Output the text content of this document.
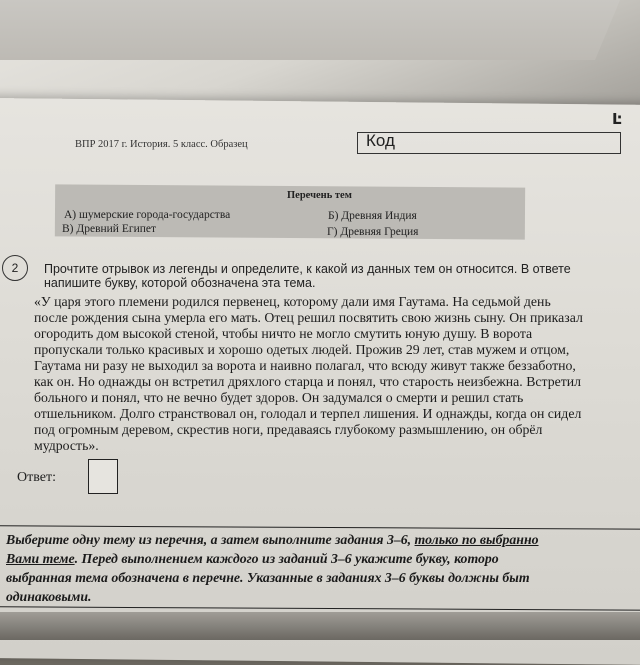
Ŀ
ВПР 2017 г. История. 5 класс. Образец	Код
Перечень тем
А) шумерские города-государства	Б) Древняя Индия
В) Древний Египет	Г) Древняя Греция
2	Прочтите отрывок из легенды и определите, к какой из данных тем он относится. В ответе
напишите букву, которой обозначена эта тема.
«У царя этого племени родился первенец, которому дали имя Гаутама. На седьмой день
после рождения сына умерла его мать. Отец решил посвятить свою жизнь сыну. Он приказал
огородить дом высокой стеной, чтобы ничто не могло смутить юную душу. В ворота
пропускали только красивых и хорошо одетых людей. Прожив 29 лет, став мужем и отцом,
Гаутама ни разу не выходил за ворота и наивно полагал, что всюду живут также беззаботно,
как он. Но однажды он встретил дряхлого старца и понял, что старость неизбежна. Встретил
больного и понял, что не вечно будет здоров. Он задумался о смерти и решил стать
отшельником. Долго странствовал он, голодал и терпел лишения. И однажды, когда он сидел
под огромным деревом, скрестив ноги, предаваясь глубокому размышлению, он обрёл
мудрость».
Ответ:
Выберите одну тему из перечня, а затем выполните задания 3–6, только по выбранно
Вами теме. Перед выполнением каждого из заданий 3–6 укажите букву, которо
выбранная тема обозначена в перечне. Указанные в заданиях 3–6 буквы должны быт
одинаковыми.
